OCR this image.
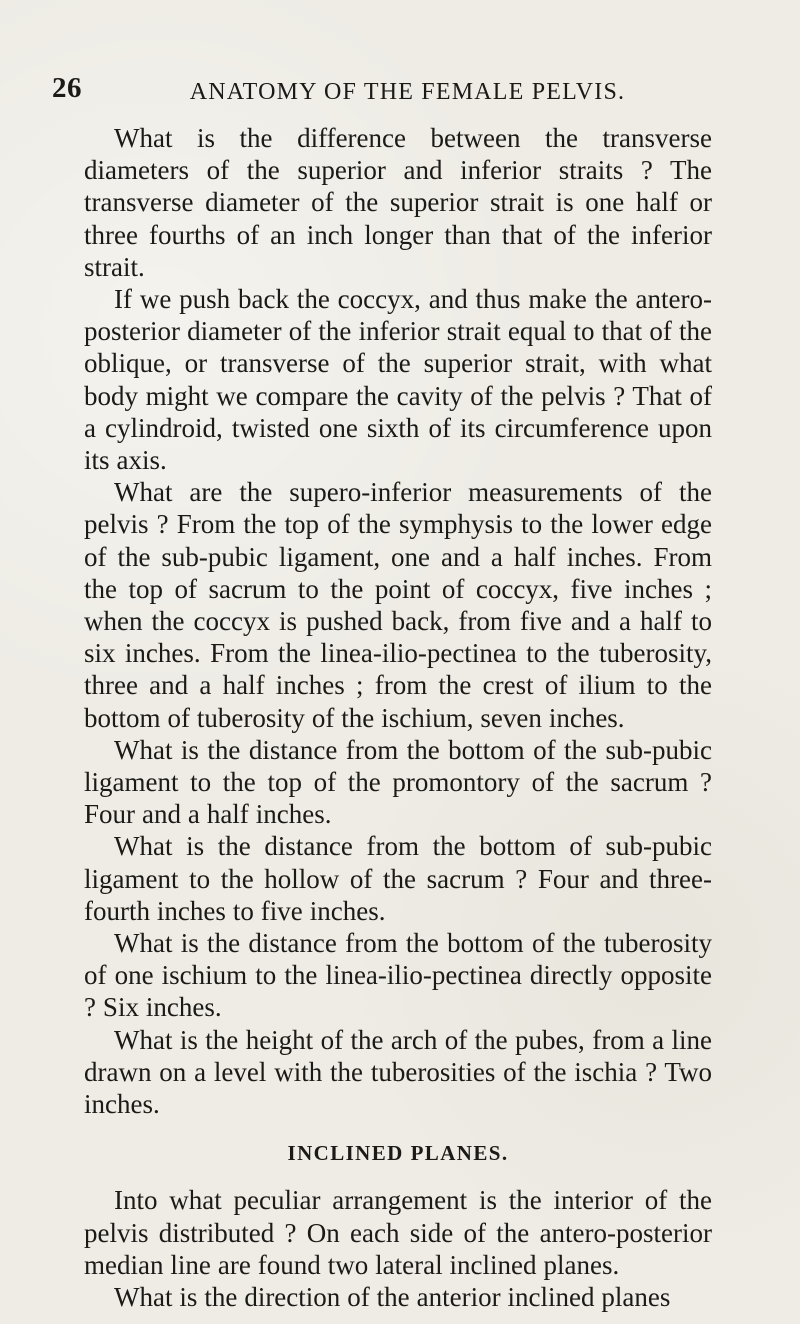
26	ANATOMY OF THE FEMALE PELVIS.

What is the difference between the transverse diameters of the superior and inferior straits ? The transverse diameter of the superior strait is one half or three fourths of an inch longer than that of the inferior strait.

If we push back the coccyx, and thus make the antero-posterior diameter of the inferior strait equal to that of the oblique, or transverse of the superior strait, with what body might we compare the cavity of the pelvis ? That of a cylindroid, twisted one sixth of its circumference upon its axis.

What are the supero-inferior measurements of the pelvis ? From the top of the symphysis to the lower edge of the sub-pubic ligament, one and a half inches. From the top of sacrum to the point of coccyx, five inches ; when the coccyx is pushed back, from five and a half to six inches. From the linea-ilio-pectinea to the tuberosity, three and a half inches ; from the crest of ilium to the bottom of tuberosity of the ischium, seven inches.

What is the distance from the bottom of the sub-pubic ligament to the top of the promontory of the sacrum ? Four and a half inches.

What is the distance from the bottom of sub-pubic ligament to the hollow of the sacrum ? Four and three-fourth inches to five inches.

What is the distance from the bottom of the tuberosity of one ischium to the linea-ilio-pectinea directly opposite ? Six inches.

What is the height of the arch of the pubes, from a line drawn on a level with the tuberosities of the ischia ? Two inches.

INCLINED PLANES.

Into what peculiar arrangement is the interior of the pelvis distributed ? On each side of the antero-posterior median line are found two lateral inclined planes.

What is the direction of the anterior inclined planes
